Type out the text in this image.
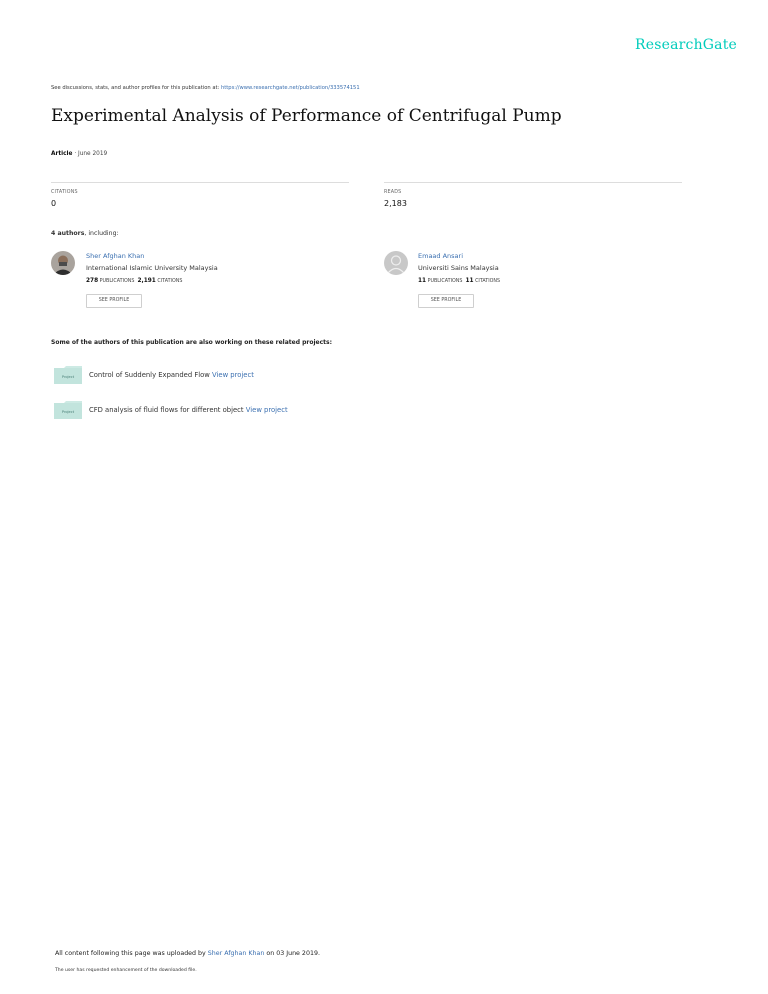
ResearchGate
See discussions, stats, and author profiles for this publication at: https://www.researchgate.net/publication/333574151
Experimental Analysis of Performance of Centrifugal Pump
Article · June 2019
CITATIONS
0
READS
2,183
4 authors, including:
Sher Afghan Khan
International Islamic University Malaysia
278 PUBLICATIONS 2,191 CITATIONS
SEE PROFILE
Emaad Ansari
Universiti Sains Malaysia
11 PUBLICATIONS 11 CITATIONS
SEE PROFILE
Some of the authors of this publication are also working on these related projects:
Project Control of Suddenly Expanded Flow View project
Project CFD analysis of fluid flows for different object View project
All content following this page was uploaded by Sher Afghan Khan on 03 June 2019.
The user has requested enhancement of the downloaded file.
